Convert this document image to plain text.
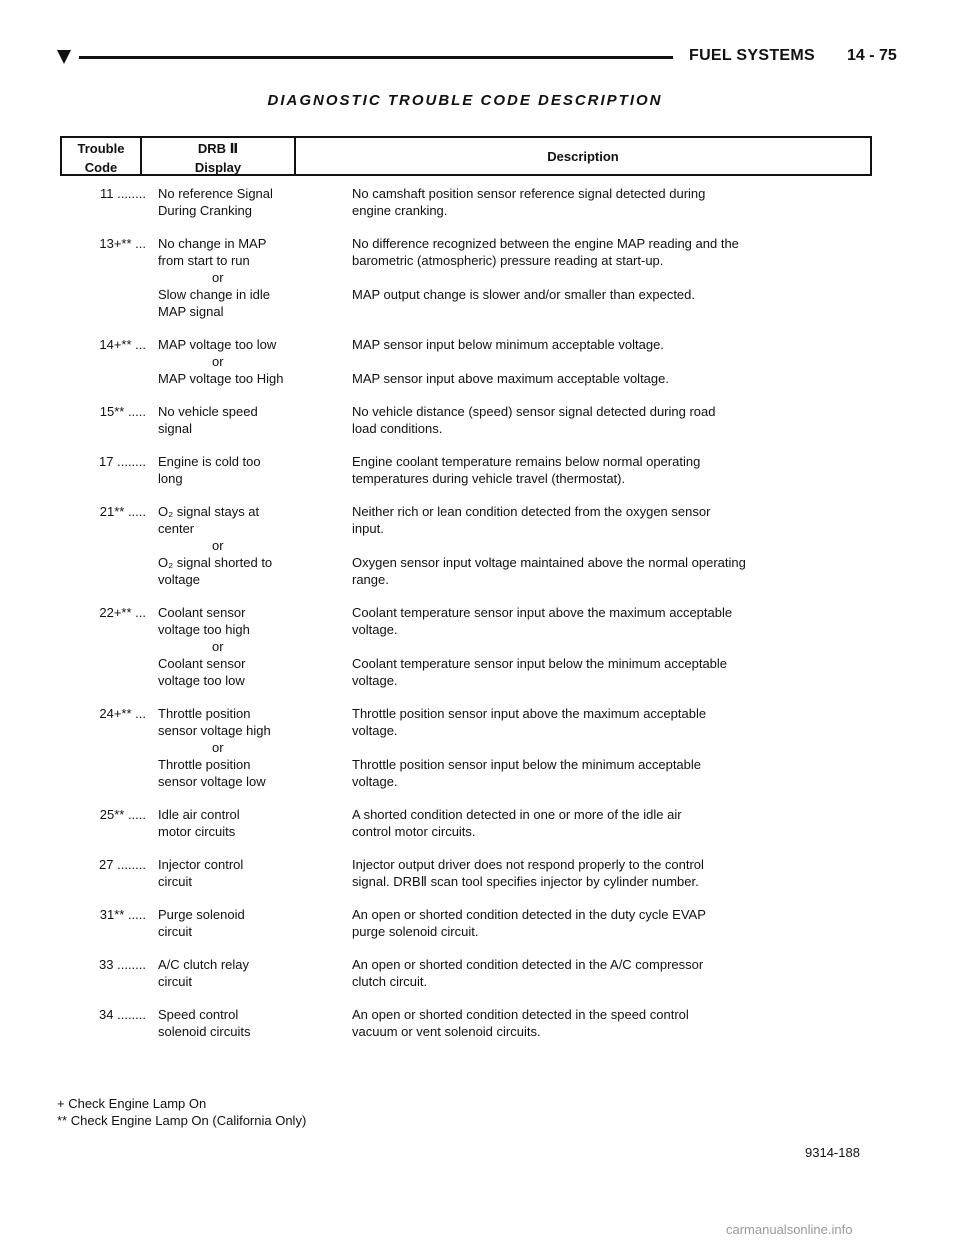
FUEL SYSTEMS 14 - 75
DIAGNOSTIC TROUBLE CODE DESCRIPTION
Trouble
Code
DRB Ⅱ
Display
Description
11 ........ No reference Signal
During Cranking
No camshaft position sensor reference signal detected during
engine cranking.
13+** ... No change in MAP
from start to run
No difference recognized between the engine MAP reading and the
barometric (atmospheric) pressure reading at start-up.
or
Slow change in idle
MAP signal
MAP output change is slower and/or smaller than expected.
14+** ... MAP voltage too low	MAP sensor input below minimum acceptable voltage.
or
MAP voltage too High	MAP sensor input above maximum acceptable voltage.
15** ..... No vehicle speed
signal
No vehicle distance (speed) sensor signal detected during road
load conditions.
17 ........ Engine is cold too
long
Engine coolant temperature remains below normal operating
temperatures during vehicle travel (thermostat).
21** ..... O₂ signal stays at
center
Neither rich or lean condition detected from the oxygen sensor
input.
or
O₂ signal shorted to
voltage
Oxygen sensor input voltage maintained above the normal operating
range.
22+** ... Coolant sensor
voltage too high
Coolant temperature sensor input above the maximum acceptable
voltage.
or
Coolant sensor
voltage too low
Coolant temperature sensor input below the minimum acceptable
voltage.
24+** ... Throttle position
sensor voltage high
Throttle position sensor input above the maximum acceptable
voltage.
or
Throttle position
sensor voltage low
Throttle position sensor input below the minimum acceptable
voltage.
25** ..... Idle air control
motor circuits
A shorted condition detected in one or more of the idle air
control motor circuits.
27 ........ Injector control
circuit
Injector output driver does not respond properly to the control
signal. DRBⅡ scan tool specifies injector by cylinder number.
31** ..... Purge solenoid
circuit
An open or shorted condition detected in the duty cycle EVAP
purge solenoid circuit.
33 ........ A/C clutch relay
circuit
An open or shorted condition detected in the A/C compressor
clutch circuit.
34 ........ Speed control
solenoid circuits
An open or shorted condition detected in the speed control
vacuum or vent solenoid circuits.
+ Check Engine Lamp On
** Check Engine Lamp On (California Only)
9314-188
carmanualsonline.info
